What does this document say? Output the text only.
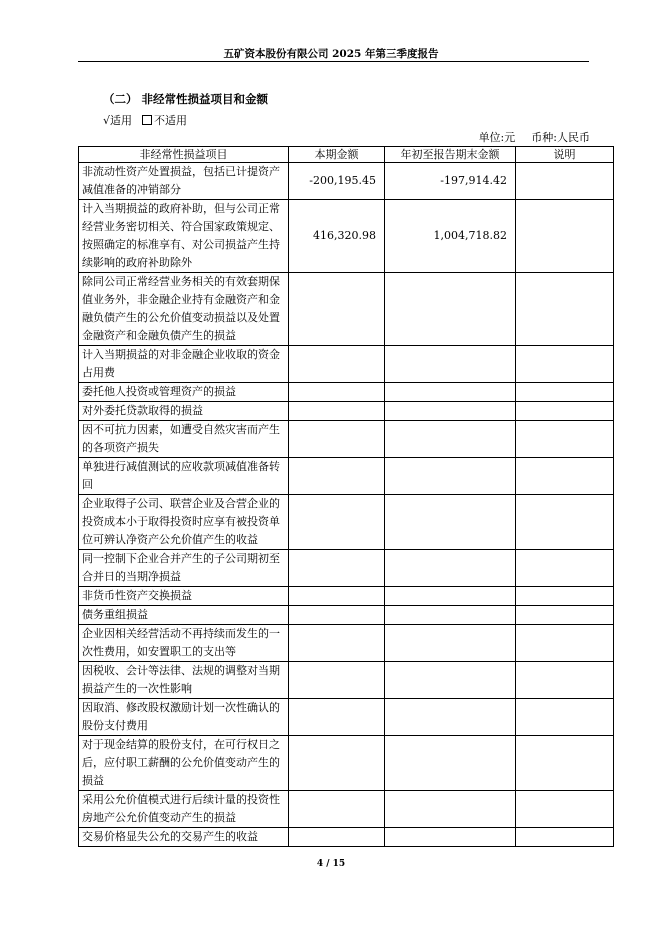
五矿资本股份有限公司 2025 年第三季度报告
（二） 非经常性损益项目和金额
√适用 不适用
单位:元 币种:人民币
非经常性损益项目	本期金额	年初至报告期末金额	说明
非流动性资产处置损益，包括已计提资产减值准备的冲销部分	-200,195.45	-197,914.42	
计入当期损益的政府补助，但与公司正常经营业务密切相关、符合国家政策规定、按照确定的标准享有、对公司损益产生持续影响的政府补助除外	416,320.98	1,004,718.82	
除同公司正常经营业务相关的有效套期保值业务外，非金融企业持有金融资产和金融负债产生的公允价值变动损益以及处置金融资产和金融负债产生的损益			
计入当期损益的对非金融企业收取的资金占用费			
委托他人投资或管理资产的损益			
对外委托贷款取得的损益			
因不可抗力因素，如遭受自然灾害而产生的各项资产损失			
单独进行减值测试的应收款项减值准备转回			
企业取得子公司、联营企业及合营企业的投资成本小于取得投资时应享有被投资单位可辨认净资产公允价值产生的收益			
同一控制下企业合并产生的子公司期初至合并日的当期净损益			
非货币性资产交换损益			
债务重组损益			
企业因相关经营活动不再持续而发生的一次性费用，如安置职工的支出等			
因税收、会计等法律、法规的调整对当期损益产生的一次性影响			
因取消、修改股权激励计划一次性确认的股份支付费用			
对于现金结算的股份支付，在可行权日之后，应付职工薪酬的公允价值变动产生的损益			
采用公允价值模式进行后续计量的投资性房地产公允价值变动产生的损益			
交易价格显失公允的交易产生的收益			
4 / 15
